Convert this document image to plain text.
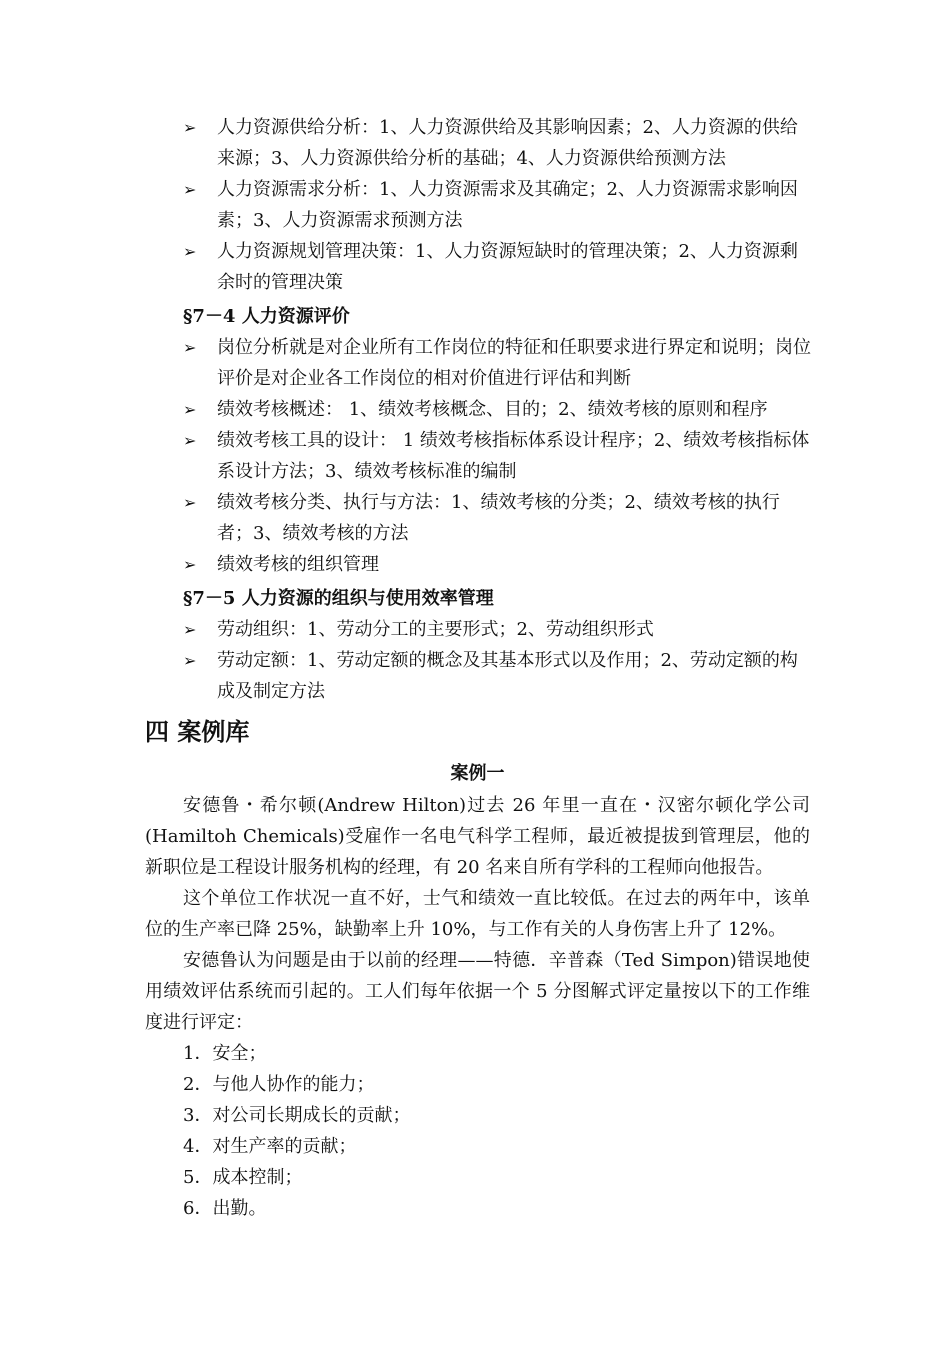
➢ 人力资源供给分析：1、人力资源供给及其影响因素；2、人力资源的供给来源；3、人力资源供给分析的基础；4、人力资源供给预测方法
➢ 人力资源需求分析：1、人力资源需求及其确定；2、人力资源需求影响因素；3、人力资源需求预测方法
➢ 人力资源规划管理决策：1、人力资源短缺时的管理决策；2、人力资源剩余时的管理决策
§7－4 人力资源评价
➢ 岗位分析就是对企业所有工作岗位的特征和任职要求进行界定和说明；岗位评价是对企业各工作岗位的相对价值进行评估和判断
➢ 绩效考核概述： 1、绩效考核概念、目的；2、绩效考核的原则和程序
➢ 绩效考核工具的设计： 1 绩效考核指标体系设计程序；2、绩效考核指标体系设计方法；3、绩效考核标准的编制
➢ 绩效考核分类、执行与方法：1、绩效考核的分类；2、绩效考核的执行者；3、绩效考核的方法
➢ 绩效考核的组织管理
§7－5 人力资源的组织与使用效率管理
➢ 劳动组织：1、劳动分工的主要形式；2、劳动组织形式
➢ 劳动定额：1、劳动定额的概念及其基本形式以及作用；2、劳动定额的构成及制定方法
四 案例库
案例一

安德鲁・希尔顿(Andrew Hilton)过去 26 年里一直在・汉密尔顿化学公司(Hamiltoh Chemicals)受雇作一名电气科学工程师，最近被提拔到管理层，他的新职位是工程设计服务机构的经理，有 20 名来自所有学科的工程师向他报告。

这个单位工作状况一直不好，士气和绩效一直比较低。在过去的两年中，该单位的生产率已降 25%，缺勤率上升 10%，与工作有关的人身伤害上升了 12%。

安德鲁认为问题是由于以前的经理——特德．辛普森（Ted Simpon)错误地使用绩效评估系统而引起的。工人们每年依据一个 5 分图解式评定量按以下的工作维度进行评定：

1．安全；
2．与他人协作的能力；
3．对公司长期成长的贡献；
4．对生产率的贡献；
5．成本控制；
6．出勤。
